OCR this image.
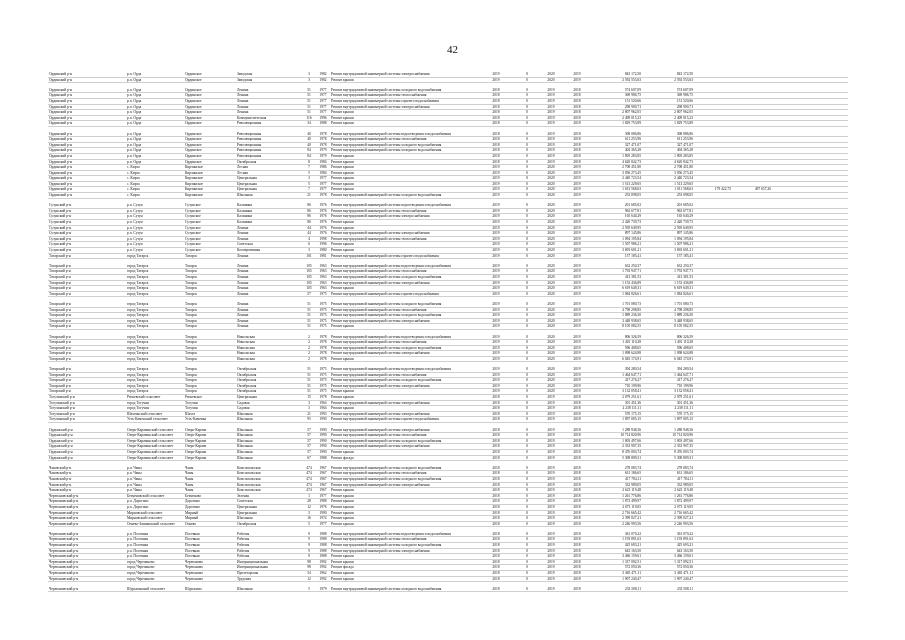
42
Ординский р-н	р.п. Орда	Ординское	Заводская	3	1982	Ремонт внутридомовой инженерной системы электроснабжения	2019	0	2020	2019	843 172,50	843 172,50			
Ординский р-н	р.п. Орда	Ординское	Заводская	3	1982	Ремонт крыши	2019	0	2020	2019	2 592 553,63	2 592 553,63			

Ординский р-н	р.п. Орда	Ординское	Ленина	51	1977	Ремонт внутридомовой инженерной системы холодного водоснабжения	2018	0	2019	2018	574 607,09	574 607,09			
Ординский р-н	р.п. Орда	Ординское	Ленина	51	1977	Ремонт внутридомовой инженерной системы теплоснабжения	2018	0	2019	2018	369 986,75	369 986,75			
Ординский р-н	р.п. Орда	Ординское	Ленина	51	1977	Ремонт внутридомовой инженерной системы горячего водоснабжения	2018	0	2019	2018	151 520,66	151 520,66			
Ординский р-н	р.п. Орда	Ординское	Ленина	51	1977	Ремонт внутридомовой инженерной системы электроснабжения	2018	0	2019	2018	298 900,71	298 900,71			
Ординский р-н	р.п. Орда	Ординское	Ленина	51	1977	Ремонт крыши	2018	0	2019	2018	2 807 962,05	2 807 962,05			
Ординский р-н	р.п. Орда	Ординское	Коммунистическая	116	1996	Ремонт крыши	2018	0	2019	2018	2 409 015,23	2 409 015,23			
Ординский р-н	р.п. Орда	Ординское	Революционная	34	1988	Ремонт крыши	2018	0	2019	2018	1 829 753,89	1 829 753,89			

Ординский р-н	р.п. Орда	Ординское	Революционная	40	1978	Ремонт внутридомовой инженерной системы водоотведения и водоснабжения	2018	0	2019	2018	308 086,86	308 086,86			
Ординский р-н	р.п. Орда	Ординское	Революционная	40	1978	Ремонт внутридомовой инженерной системы теплоснабжения	2018	0	2019	2018	611 253,96	611 253,96			
Ординский р-н	р.п. Орда	Ординское	Революционная	40	1978	Ремонт внутридомовой инженерной системы холодного водоснабжения	2018	0	2019	2018	327 471,07	327 471,07			
Ординский р-н	р.п. Орда	Ординское	Революционная	84	1979	Ремонт внутридомовой инженерной системы холодного водоснабжения	2018	0	2019	2018	404 365,28	404 365,28			
Ординский р-н	р.п. Орда	Ординское	Революционная	84	1979	Ремонт крыши	2018	0	2019	2018	1 805 283,85	1 805 283,85			
Ординский р-н	р.п. Орда	Ординское	Октябрьская	8	1984	Ремонт крыши	2018	0	2019	2018	4 620 842,73	4 620 842,73			
Ординский р-н	с. Кирза	Кирзинское	Лесная	7	1986	Ремонт крыши	2019	0	2020	2019	2 708 451,80	2 708 451,80			
Ординский р-н	с. Кирза	Кирзинское	Лесная	5	1984	Ремонт крыши	2019	0	2020	2019	3 056 273,45	3 056 273,45			
Ординский р-н	с. Кирза	Кирзинское	Центральная	3	1977	Ремонт крыши	2019	0	2020	2019	2 440 723,54	2 440 723,54			
Ординский р-н	с. Кирза	Кирзинское	Центральная	5	1977	Ремонт крыши	2019	0	2020	2019	1 513 229,65	1 513 229,65			
Ординский р-н	с. Кирза	Кирзинское	Центральная	7	1977	Ремонт крыши	2019	0	2020	2019	1 013 568,63	1 011 568,63	179 422,75	497 657,26	
Ординский р-н	с. Кирза	Кирзинское	Школьная	21	1978	Ремонт внутридомовой инженерной системы холодного водоснабжения	2019	0	2020	2019	253 098,05	253 098,05			

Сузунский р-н	р.п. Сузун	Сузунское	Калинина	86	1976	Ремонт внутридомовой инженерной системы водоотведения и водоснабжения	2019	0	2020	2019	201 685,02	201 685,02			
Сузунский р-н	р.п. Сузун	Сузунское	Калинина	86	1976	Ремонт внутридомовой инженерной системы теплоснабжения	2019	0	2020	2019	963 677,81	963 677,81			
Сузунский р-н	р.п. Сузун	Сузунское	Калинина	86	1976	Ремонт внутридомовой инженерной системы электроснабжения	2019	0	2020	2019	165 640,29	165 640,29			
Сузунский р-н	р.п. Сузун	Сузунское	Калинина	86	1976	Ремонт крыши	2019	0	2020	2019	2 420 739,73	2 420 739,73			
Сузунский р-н	р.п. Сузун	Сузунское	Ленина	44	1976	Ремонт крыши	2019	0	2020	2019	2 595 649,95	2 595 649,95			
Сузунский р-н	р.п. Сузун	Сузунское	Ленина	44	1976	Ремонт внутридомовой инженерной системы электроснабжения	2019	0	2020	2019	897 145,86	897 145,86			
Сузунский р-н	р.п. Сузун	Сузунское	Ленина	4	1998	Ремонт внутридомовой инженерной системы теплоснабжения	2019	0	2020	2019	1 094 195,84	1 094 195,84			
Сузунский р-н	р.п. Сузун	Сузунское	Советская	6	1996	Ремонт крыши	2019	0	2020	2019	1 507 986,21	1 507 986,21			
Сузунский р-н	р.п. Сузун	Сузунское	Кооперативная	3	1980	Ремонт крыши	2019	0	2020	2019	3 693 601,21	3 693 601,21			
Татарский р-н	город Татарск	Татарск	Ленина	101	1981	Ремонт внутридомовой инженерной системы горячего водоснабжения	2019	0	2020	2019	157 185,41	157 185,41			

Татарский р-н	город Татарск	Татарск	Ленина	105	1963	Ремонт внутридомовой инженерной системы водоотведения и водоснабжения	2019	0	2020	2019	632 250,37	632 250,37			
Татарский р-н	город Татарск	Татарск	Ленина	105	1963	Ремонт внутридомовой инженерной системы теплоснабжения	2019	0	2020	2019	1 792 947,71	1 792 947,71			
Татарский р-н	город Татарск	Татарск	Ленина	105	1963	Ремонт внутридомовой инженерной системы холодного водоснабжения	2019	0	2020	2019	413 381,53	413 381,53			
Татарский р-н	город Татарск	Татарск	Ленина	105	1963	Ремонт внутридомовой инженерной системы электроснабжения	2019	0	2020	2019	1 153 436,89	1 153 436,89			
Татарский р-н	город Татарск	Татарск	Ленина	105	1963	Ремонт крыши	2019	0	2020	2019	6 619 649,31	6 619 649,31			
Татарский р-н	город Татарск	Татарск	Ленина	57	1975	Ремонт внутридомовой инженерной системы горячего водоснабжения	2019	0	2020	2019	1 084 826,61	1 084 826,61			

Татарский р-н	город Татарск	Татарск	Ленина	51	1975	Ремонт внутридомовой инженерной системы холодного водоснабжения	2019	0	2020	2019	1 701 080,73	1 701 080,73			
Татарский р-н	город Татарск	Татарск	Ленина	51	1975	Ремонт внутридомовой инженерной системы теплоснабжения	2019	0	2020	2019	4 798 298,85	4 798 298,85			
Татарский р-н	город Татарск	Татарск	Ленина	51	1975	Ремонт внутридомовой инженерной системы холодного водоснабжения	2019	0	2020	2019	1 889 236,30	1 889 236,30			
Татарский р-н	город Татарск	Татарск	Ленина	51	1975	Ремонт внутридомовой инженерной системы электроснабжения	2019	0	2020	2019	3 448 938,65	3 448 938,65			
Татарский р-н	город Татарск	Татарск	Ленина	51	1975	Ремонт крыши	2019	0	2020	2019	8 105 082,55	8 105 082,55			

Татарский р-н	город Татарск	Татарск	Никольская	2	1978	Ремонт внутридомовой инженерной системы водоотведения и водоснабжения	2019	0	2020	2019	806 326,59	806 326,59			
Татарский р-н	город Татарск	Татарск	Никольская	2	1978	Ремонт внутридомовой инженерной системы теплоснабжения	2019	0	2020	2019	1 401 110,28	1 401 110,28			
Татарский р-н	город Татарск	Татарск	Никольская	2	1978	Ремонт внутридомовой инженерной системы холодного водоснабжения	2019	0	2020	2019	596 408,65	596 408,65			
Татарский р-н	город Татарск	Татарск	Никольская	2	1978	Ремонт внутридомовой инженерной системы электроснабжения	2019	0	2020	2019	1 098 624,88	1 098 624,88			
Татарский р-н	город Татарск	Татарск	Никольская	2	1978	Ремонт крыши	2019	0	2020	2019	6 045 174,91	6 045 174,91			

Татарский р-н	город Татарск	Татарск	Октябрьская	51	1975	Ремонт внутридомовой инженерной системы водоотведения и водоснабжения	2019	0	2020	2019	394 280,54	394 280,54			
Татарский р-н	город Татарск	Татарск	Октябрьская	51	1975	Ремонт внутридомовой инженерной системы теплоснабжения	2019	0	2020	2019	1 464 647,71	1 464 647,71			
Татарский р-н	город Татарск	Татарск	Октябрьская	51	1975	Ремонт внутридомовой инженерной системы холодного водоснабжения	2019	0	2020	2019	417 276,27	417 276,27			
Татарский р-н	город Татарск	Татарск	Октябрьская	51	1975	Ремонт внутридомовой инженерной системы электроснабжения	2019	0	2020	2019	710 199,96	710 199,96			
Татарский р-н	город Татарск	Татарск	Октябрьская	51	1975	Ремонт крыши	2019	0	2020	2019	3 132 058,41	3 132 058,41			
Тогучинский р-н	Репьевский сельсовет	Репьевское	Центральная	15	1978	Ремонт крыши	2018	0	2019	2018	2 079 251,61	2 079 251,61			
Тогучинский р-н	город Тогучин	Тогучин	Садовая	3	1964	Ремонт внутридомовой инженерной системы электроснабжения	2018	0	2019	2018	301 451,36	301 451,36			
Тогучинский р-н	город Тогучин	Тогучин	Садовая	3	1964	Ремонт крыши	2018	0	2019	2018	2 238 111,11	2 238 111,11			
Тогучинский р-н	Шахтинский сельсовет	Шахта	Школьная	21	1993	Ремонт внутридомовой инженерной системы электроснабжения	2018	0	2019	2018	570 175,15	570 175,15			
Тогучинский р-н	Усть-Каменский сельсовет	Усть-Каменка	Школьная	95	1990	Ремонт внутридомовой инженерной системы горячего водоснабжения	2018	0	2019	2018	1 897 005,15	1 897 005,15			

Ордынский р-н	Озеро-Карачинский сельсовет	Озеро-Карачи	Школьная	57	1990	Ремонт внутридомовой инженерной системы электроснабжения	2018	0	2019	2018	1 288 948,36	1 288 948,36			
Ордынский р-н	Озеро-Карачинский сельсовет	Озеро-Карачи	Школьная	57	1990	Ремонт внутридомовой инженерной системы теплоснабжения	2018	0	2019	2018	10 714 820,96	10 714 820,96			
Ордынский р-н	Озеро-Карачинский сельсовет	Озеро-Карачи	Школьная	57	1990	Ремонт внутридомовой инженерной системы холодного водоснабжения	2018	0	2019	2018	1 003 497,66	1 003 497,66			
Ордынский р-н	Озеро-Карачинский сельсовет	Озеро-Карачи	Школьная	57	1990	Ремонт внутридомовой инженерной системы электроснабжения	2018	0	2019	2018	2 333 907,35	2 333 907,35			
Ордынский р-н	Озеро-Карачинский сельсовет	Озеро-Карачи	Школьная	57	1990	Ремонт крыши	2018	0	2019	2018	8 476 003,74	8 476 003,74			
Ордынский р-н	Озеро-Карачинский сельсовет	Озеро-Карачи	Школьная	67	1988	Ремонт фасада	2018	0	2019	2018	5 308 809,31	5 308 809,31			

Чановский р-н	р.п. Чаны	Чаны	Комсомольская	474	1967	Ремонт внутридомовой инженерной системы холодного водоснабжения	2018	0	2019	2018	278 083,74	278 083,74			
Чановский р-н	р.п. Чаны	Чаны	Комсомольская	474	1967	Ремонт внутридомовой инженерной системы теплоснабжения	2018	0	2019	2018	631 186,65	631 186,65			
Чановский р-н	р.п. Чаны	Чаны	Комсомольская	474	1967	Ремонт внутридомовой инженерной системы холодного водоснабжения	2018	0	2019	2018	417 784,11	417 784,11			
Чановский р-н	р.п. Чаны	Чаны	Комсомольская	474	1967	Ремонт внутридомовой инженерной системы электроснабжения	2018	0	2019	2018	332 989,05	332 989,05			
Чановский р-н	р.п. Чаны	Чаны	Комсомольская	474	1967	Ремонт крыши	2018	0	2019	2018	2 623 119,48	2 623 119,48			
Черепановский р-н	Безменовский сельсовет	Безменово	Зеленая	1	1977	Ремонт крыши	2018	0	2019	2018	1 261 776,86	1 261 776,86			
Черепановский р-н	р.п. Дорогино	Дорогино	Советская	28	1988	Ремонт крыши	2018	0	2019	2018	1 872 499,97	1 872 499,97			
Черепановский р-н	р.п. Дорогино	Дорогино	Центральная	12	1976	Ремонт крыши	2018	0	2019	2018	2 073 119,05	2 073 119,05			
Черепановский р-н	Мирновский сельсовет	Мирный	Центральная	3	1990	Ремонт крыши	2018	0	2019	2018	2 716 665,42	2 716 665,42			
Черепановский р-н	Мирновский сельсовет	Мирный	Школьная	16	1974	Ремонт крыши	2018	0	2019	2018	2 399 027,21	2 399 027,21			
Черепановский р-н	Огнево-Заимковский сельсовет	Огнево	Октябрьская	5	1977	Ремонт крыши	2018	0	2019	2018	2 246 993,56	2 246 993,56			

Черепановский р-н	р.п. Посевная	Посевная	Рабочая	9	1988	Ремонт внутридомовой инженерной системы водоотведения и водоснабжения	2018	0	2019	2018	361 070,22	361 070,22			
Черепановский р-н	р.п. Посевная	Посевная	Рабочая	9	1988	Ремонт внутридомовой инженерной системы теплоснабжения	2018	0	2019	2018	1 193 891,63	1 193 891,63			
Черепановский р-н	р.п. Посевная	Посевная	Рабочая	9	1988	Ремонт внутридомовой инженерной системы холодного водоснабжения	2018	0	2019	2018	425 693,21	425 693,21			
Черепановский р-н	р.п. Посевная	Посевная	Рабочая	9	1988	Ремонт внутридомовой инженерной системы электроснабжения	2018	0	2019	2018	643 163,50	643 163,50			
Черепановский р-н	р.п. Посевная	Посевная	Рабочая	9	1988	Ремонт крыши	2018	0	2019	2018	3 466 159,61	3 466 159,61			
Черепановский р-н	город Черепаново	Черепаново	Интернациональная	98	1992	Ремонт крыши	2018	0	2019	2018	1 317 092,51	1 317 092,51			
Черепановский р-н	город Черепаново	Черепаново	Интернациональная	98	1992	Ремонт фасада	2018	0	2019	2018	572 050,36	572 050,36			
Черепановский р-н	город Черепаново	Черепаново	Пролетарская	54	1962	Ремонт крыши	2018	0	2019	2018	3 465 471,11	3 465 471,11			
Черепановский р-н	город Черепаново	Черепаново	Трудовая	12	1992	Ремонт крыши	2018	0	2019	2018	1 907 240,47	1 907 240,47			

Черепановский р-н	Шурыгинский сельсовет	Шурыгино	Школьная	5	1979	Ремонт внутридомовой инженерной системы холодного водоснабжения	2018	0	2019	2018	233 508,11	233 508,11			
